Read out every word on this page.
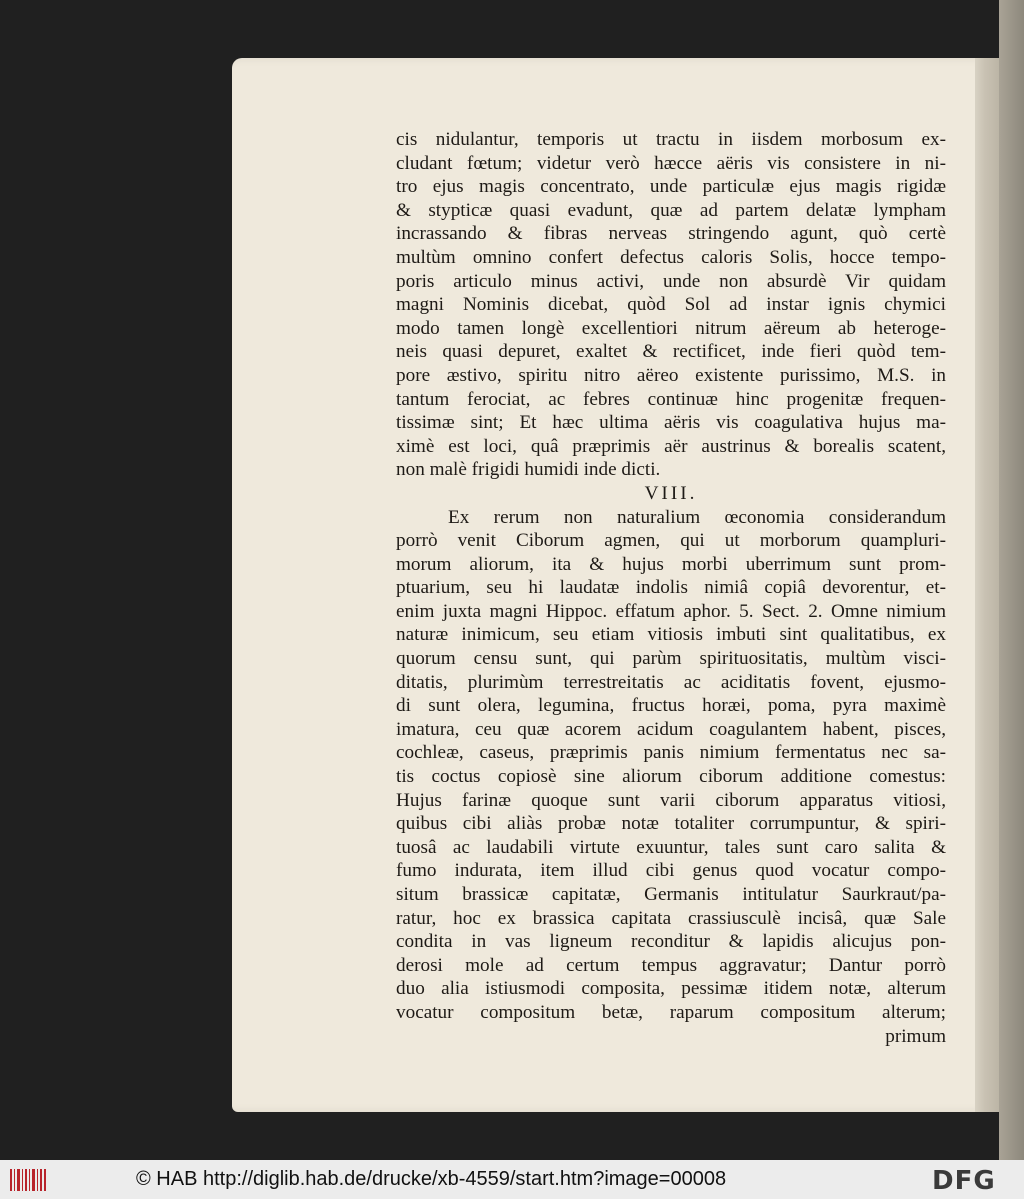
cis nidulantur, temporis ut tractu in iisdem morbosum ex-
cludant fœtum; videtur verò hæcce aëris vis consistere in ni-
tro ejus magis concentrato, unde particulæ ejus magis rigidæ
& stypticæ quasi evadunt, quæ ad partem delatæ lympham
incrassando & fibras nerveas stringendo agunt, quò certè
multùm omnino confert defectus caloris Solis, hocce tempo-
poris articulo minus activi, unde non absurdè Vir quidam
magni Nominis dicebat, quòd Sol ad instar ignis chymici
modo tamen longè excellentiori nitrum aëreum ab heteroge-
neis quasi depuret, exaltet & rectificet, inde fieri quòd tem-
pore æstivo, spiritu nitro aëreo existente purissimo, M.S. in
tantum ferociat, ac febres continuæ hinc progenitæ frequen-
tissimæ sint; Et hæc ultima aëris vis coagulativa hujus ma-
ximè est loci, quâ præprimis aër austrinus & borealis scatent,
non malè frigidi humidi inde dicti.
VIII.
Ex rerum non naturalium œconomia considerandum
porrò venit Ciborum agmen, qui ut morborum quampluri-
morum aliorum, ita & hujus morbi uberrimum sunt prom-
ptuarium, seu hi laudatæ indolis nimiâ copiâ devorentur, et-
enim juxta magni Hippoc. effatum aphor. 5. Sect. 2. Omne nimium
naturæ inimicum, seu etiam vitiosis imbuti sint qualitatibus, ex
quorum censu sunt, qui parùm spirituositatis, multùm visci-
ditatis, plurimùm terrestreitatis ac aciditatis fovent, ejusmo-
di sunt olera, legumina, fructus horæi, poma, pyra maximè
imatura, ceu quæ acorem acidum coagulantem habent, pisces,
cochleæ, caseus, præprimis panis nimium fermentatus nec sa-
tis coctus copiosè sine aliorum ciborum additione comestus:
Hujus farinæ quoque sunt varii ciborum apparatus vitiosi,
quibus cibi aliàs probæ notæ totaliter corrumpuntur, & spiri-
tuosâ ac laudabili virtute exuuntur, tales sunt caro salita &
fumo indurata, item illud cibi genus quod vocatur compo-
situm brassicæ capitatæ, Germanis intitulatur Saurkraut/pa-
ratur, hoc ex brassica capitata crassiusculè incisâ, quæ Sale
condita in vas ligneum reconditur & lapidis alicujus pon-
derosi mole ad certum tempus aggravatur; Dantur porrò
duo alia istiusmodi composita, pessimæ itidem notæ, alterum
vocatur compositum betæ, raparum compositum alterum;
primum
© HAB http://diglib.hab.de/drucke/xb-4559/start.htm?image=00008	DFG
